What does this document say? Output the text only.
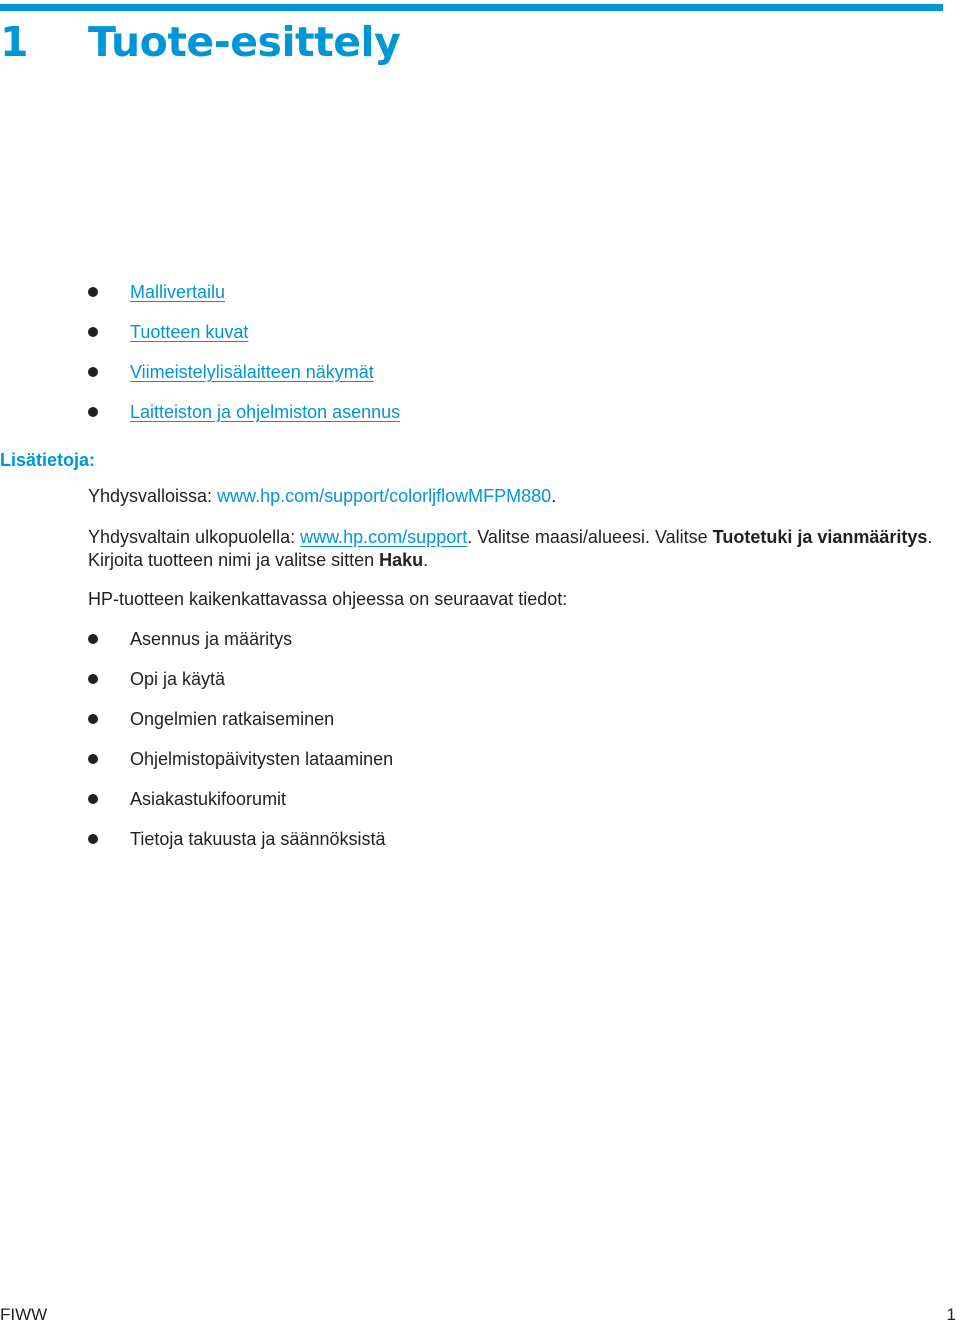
1	Tuote-esittely
Mallivertailu
Tuotteen kuvat
Viimeistelylisälaitteen näkymät
Laitteiston ja ohjelmiston asennus
Lisätietoja:

Yhdysvalloissa: www.hp.com/support/colorljflowMFPM880.

Yhdysvaltain ulkopuolella: www.hp.com/support. Valitse maasi/alueesi. Valitse Tuotetuki ja vianmääritys. Kirjoita tuotteen nimi ja valitse sitten Haku.

HP-tuotteen kaikenkattavassa ohjeessa on seuraavat tiedot:

Asennus ja määritys
Opi ja käytä
Ongelmien ratkaiseminen
Ohjelmistopäivitysten lataaminen
Asiakastukifoorumit
Tietoja takuusta ja säännöksistä
FIWW	1
